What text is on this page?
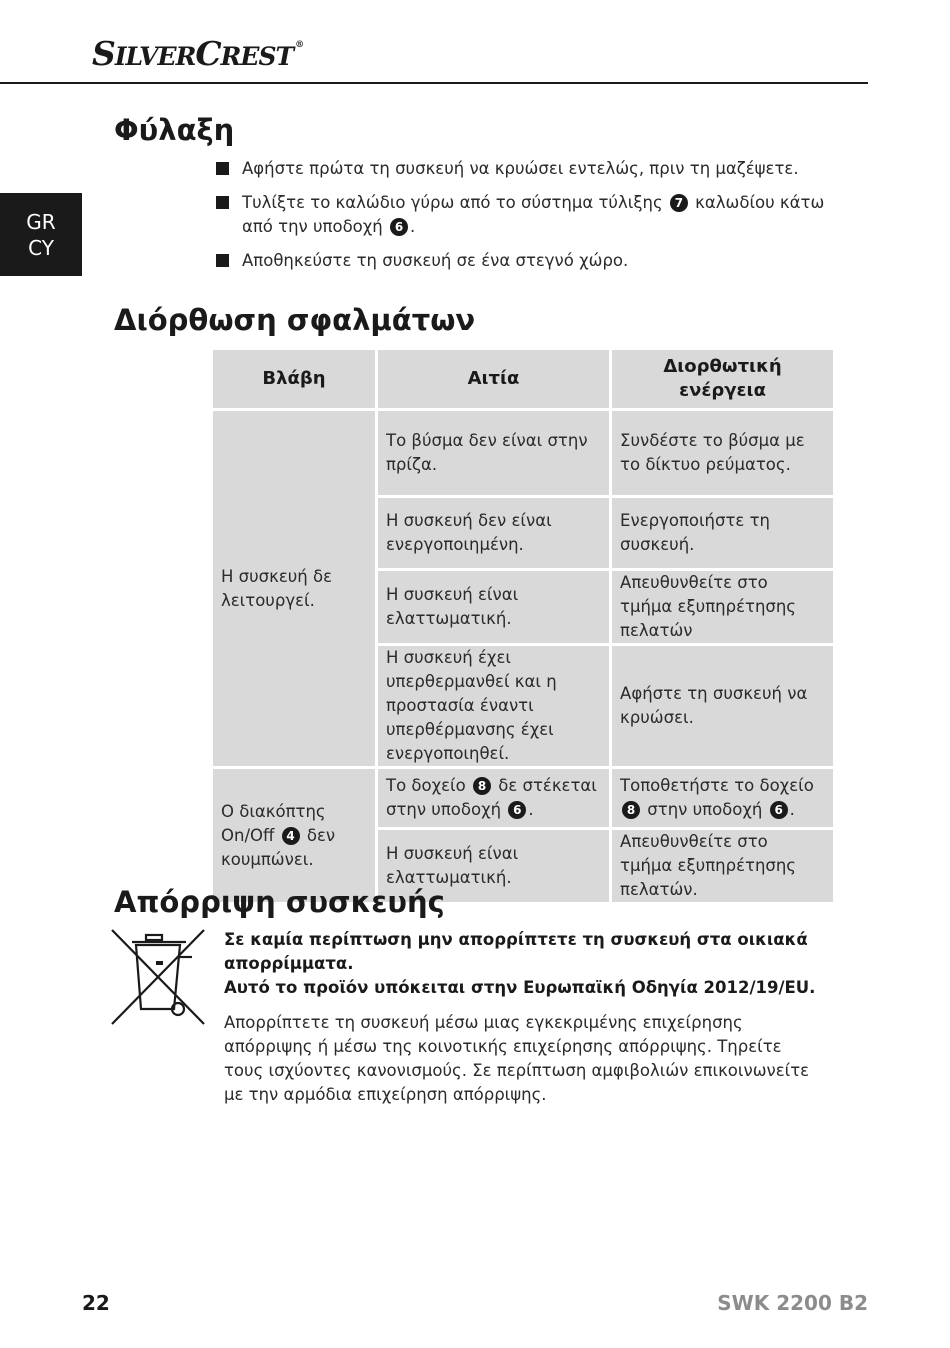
SILVERCREST ®
GR
CY
Φύλαξη
Αφήστε πρώτα τη συσκευή να κρυώσει εντελώς, πριν τη μαζέψετε.
Τυλίξτε το καλώδιο γύρω από το σύστημα τύλιξης 7 καλωδίου κάτω από την υποδοχή 6 .
Αποθηκεύστε τη συσκευή σε ένα στεγνό χώρο.
Διόρθωση σφαλμάτων
Βλάβη	Αιτία	Διορθωτική ενέργεια
Η συσκευή δε λειτουργεί.	Το βύσμα δεν είναι στην πρίζα.	Συνδέστε το βύσμα με το δίκτυο ρεύματος.
	Η συσκευή δεν είναι ενεργοποιημένη.	Ενεργοποιήστε τη συσκευή.
	Η συσκευή είναι ελαττωματική.	Απευθυνθείτε στο τμήμα εξυπηρέτησης πελατών
	Η συσκευή έχει υπερθερμανθεί και η προστασία έναντι υπερθέρμανσης έχει ενεργοποιηθεί.	Αφήστε τη συσκευή να κρυώσει.
Ο διακόπτης On/Off 4 δεν κουμπώνει.	Το δοχείο 8 δε στέκεται στην υποδοχή 6 .	Τοποθετήστε το δοχείο 8 στην υποδοχή 6 .
	Η συσκευή είναι ελαττωματική.	Απευθυνθείτε στο τμήμα εξυπηρέτησης πελατών.
Απόρριψη συσκευής
Σε καμία περίπτωση μην απορρίπτετε τη συσκευή στα οικιακά
απορρίμματα.
Αυτό το προϊόν υπόκειται στην Ευρωπαϊκή Οδηγία 2012/19/EU.
Απορρίπτετε τη συσκευή μέσω μιας εγκεκριμένης επιχείρησης απόρριψης ή μέσω της κοινοτικής επιχείρησης απόρριψης. Τηρείτε τους ισχύοντες κανονισμούς. Σε περίπτωση αμφιβολιών επικοινωνείτε με την αρμόδια επιχείρηση απόρριψης.
22	SWK 2200 B2
